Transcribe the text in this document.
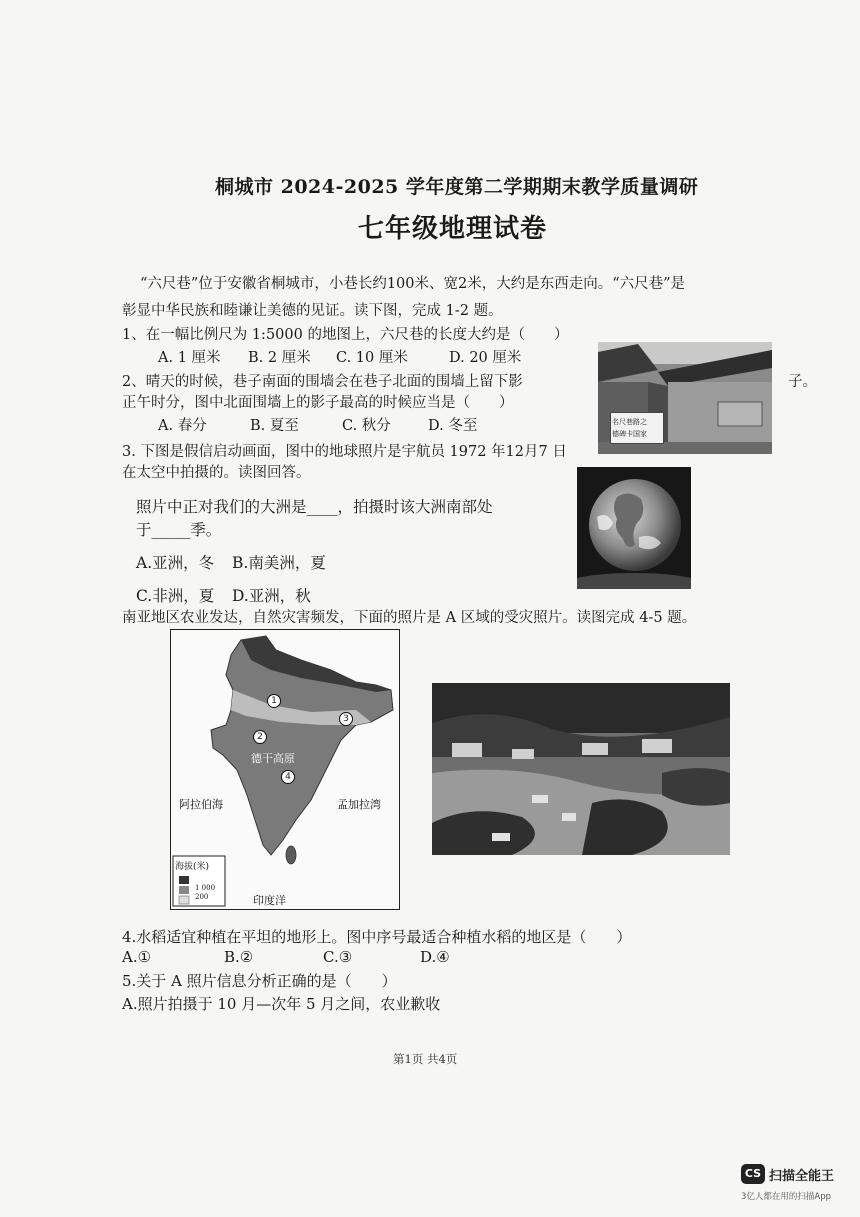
桐城市 2024-2025 学年度第二学期期末教学质量调研
七年级地理试卷
“六尺巷”位于安徽省桐城市，小巷长约100米、宽2米，大约是东西走向。“六尺巷”是
彰显中华民族和睦谦让美德的见证。读下图，完成 1-2 题。
1、在一幅比例尺为 1:5000 的地图上，六尺巷的长度大约是（　　）
A. 1 厘米 B. 2 厘米 C. 10 厘米	D. 20 厘米
2、晴天的时候，巷子南面的围墙会在巷子北面的围墙上留下影	子。
正午时分，图中北面围墙上的影子最高的时候应当是（　　）
A. 春分	B. 夏至	C. 秋分	D. 冬至	名尺巷路之
德碑卡国家
3. 下图是假信启动画面，图中的地球照片是宇航员 1972 年12月7 日
在太空中拍摄的。读图回答。
照片中正对我们的大洲是____，拍摄时该大洲南部处
于_____季。
A.亚洲，冬 B.南美洲，夏
C.非洲，夏 D.亚洲，秋
南亚地区农业发达，自然灾害频发，下面的照片是 A 区域的受灾照片。读图完成 4-5 题。
1
2
3
4
阿拉伯海	孟加拉湾
印度洋
德干高原
海拔(米)
1 000
200
4.水稻适宜种植在平坦的地形上。图中序号最适合种植水稻的地区是（　　）
A.①	B.②	C.③	D.④
5.关于 A 照片信息分析正确的是（　　）
A.照片拍摄于 10 月—次年 5 月之间，农业歉收
第1页 共4页
CS 扫描全能王
3亿人都在用的扫描App
